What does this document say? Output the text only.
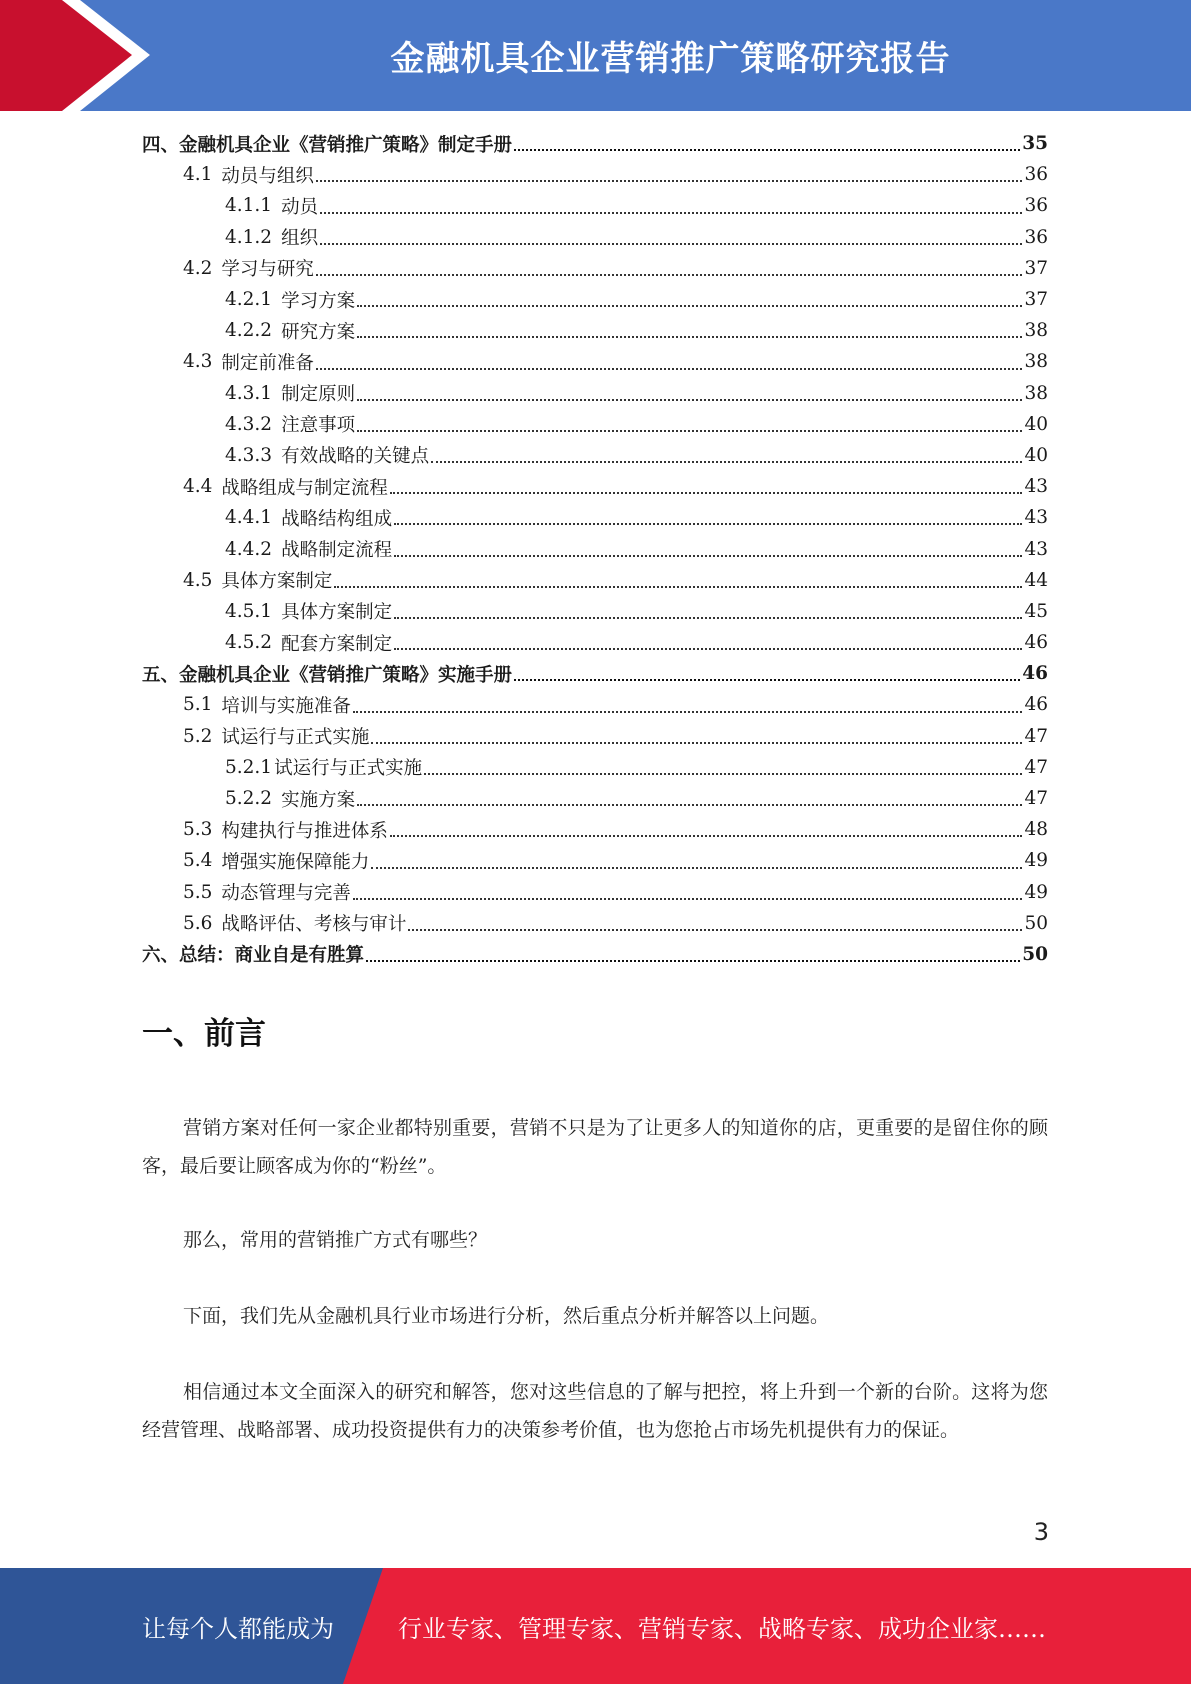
金融机具企业营销推广策略研究报告
四、金融机具企业《营销推广策略》制定手册	35
4.1 动员与组织	36
4.1.1 动员	36
4.1.2 组织	36
4.2 学习与研究	37
4.2.1 学习方案	37
4.2.2 研究方案	38
4.3 制定前准备	38
4.3.1 制定原则	38
4.3.2 注意事项	40
4.3.3 有效战略的关键点	40
4.4 战略组成与制定流程	43
4.4.1 战略结构组成	43
4.4.2 战略制定流程	43
4.5 具体方案制定	44
4.5.1 具体方案制定	45
4.5.2 配套方案制定	46
五、金融机具企业《营销推广策略》实施手册	46
5.1 培训与实施准备	46
5.2 试运行与正式实施	47
5.2.1 试运行与正式实施	47
5.2.2 实施方案	47
5.3 构建执行与推进体系	48
5.4 增强实施保障能力	49
5.5 动态管理与完善	49
5.6 战略评估、考核与审计	50
六、总结：商业自是有胜算	50
一、前言
营销方案对任何一家企业都特别重要，营销不只是为了让更多人的知道你的店，更重要的是留住你的顾客，最后要让顾客成为你的“粉丝”。
那么，常用的营销推广方式有哪些？
下面，我们先从金融机具行业市场进行分析，然后重点分析并解答以上问题。
相信通过本文全面深入的研究和解答，您对这些信息的了解与把控，将上升到一个新的台阶。这将为您经营管理、战略部署、成功投资提供有力的决策参考价值，也为您抢占市场先机提供有力的保证。
3
让每个人都能成为	行业专家、管理专家、营销专家、战略专家、成功企业家……
